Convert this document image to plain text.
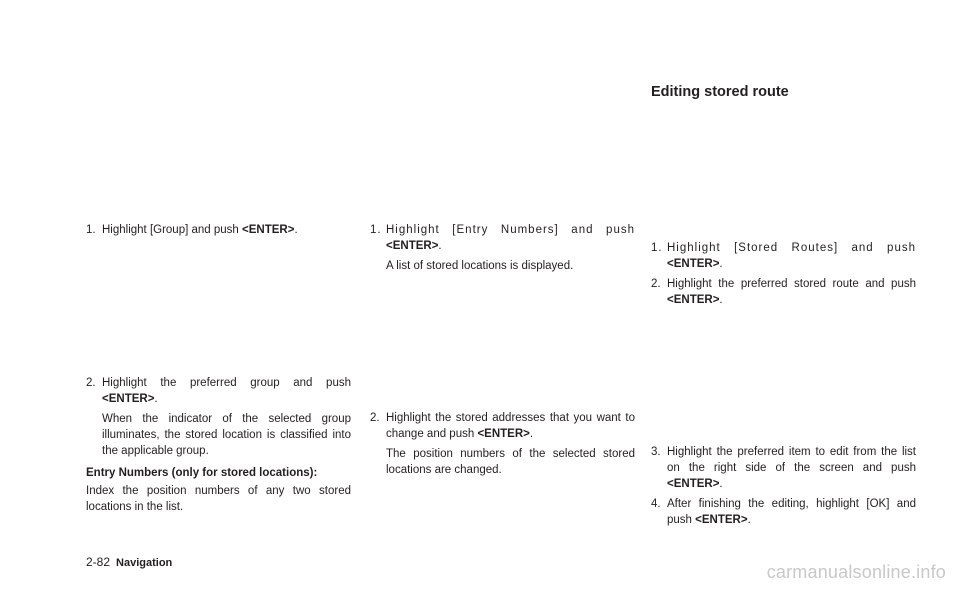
Editing stored route

1. Highlight [Group] and push <ENTER>.

2. Highlight the preferred group and push <ENTER>.

When the indicator of the selected group illuminates, the stored location is classified into the applicable group.

Entry Numbers (only for stored locations):

Index the position numbers of any two stored locations in the list.

1. Highlight [Entry Numbers] and push <ENTER>.

A list of stored locations is displayed.

2. Highlight the stored addresses that you want to change and push <ENTER>.

The position numbers of the selected stored locations are changed.

1. Highlight [Stored Routes] and push <ENTER>.

2. Highlight the preferred stored route and push <ENTER>.

3. Highlight the preferred item to edit from the list on the right side of the screen and push <ENTER>.

4. After finishing the editing, highlight [OK] and push <ENTER>.

2-82 Navigation	carmanualsonline.info
